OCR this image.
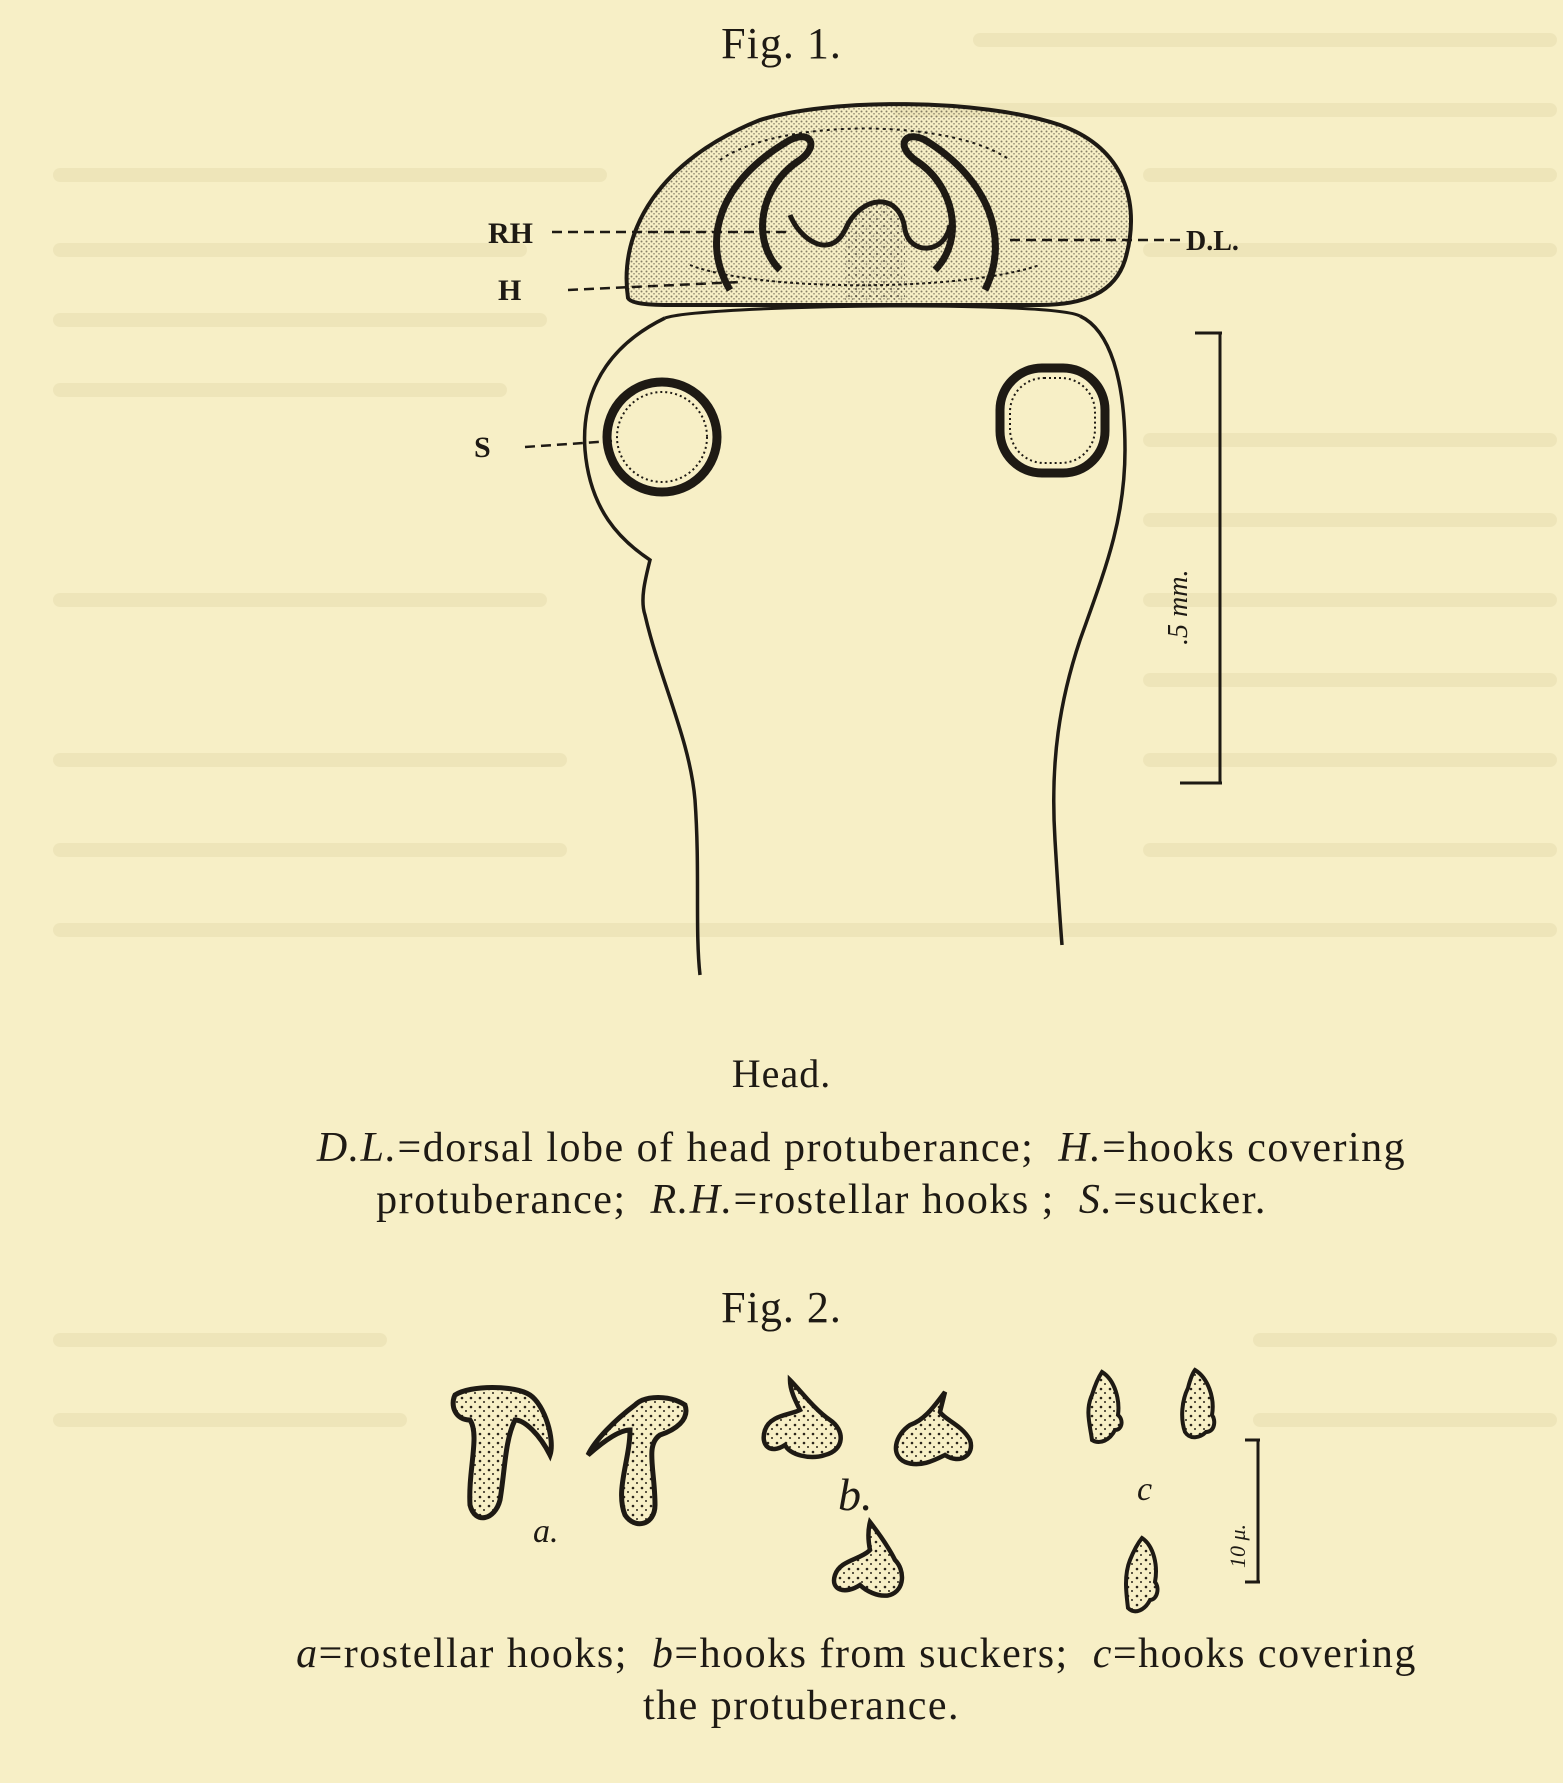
Fig. 1.
RH
H
D.L.
S
.5 mm.
Head.
D.L.=dorsal lobe of head protuberance; H.=hooks covering
protuberance; R.H.=rostellar hooks ; S.=sucker.
Fig. 2.
a.
b.	c
10 μ.
a=rostellar hooks; b=hooks from suckers; c=hooks covering
the protuberance.
